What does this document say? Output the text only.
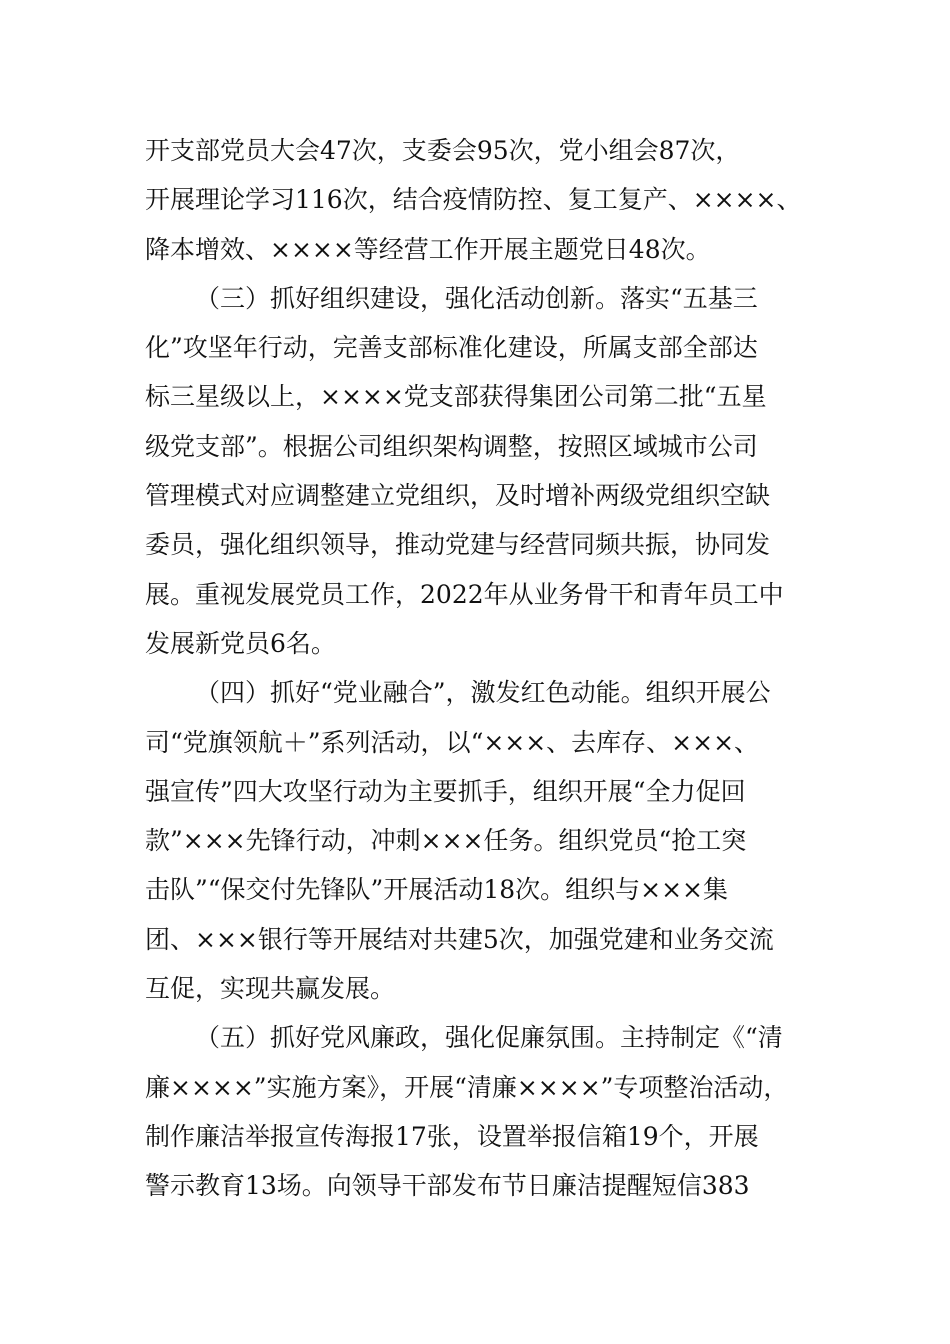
开支部党员大会47次，支委会95次，党小组会87次，
开展理论学习116次，结合疫情防控、复工复产、××××、
降本增效、××××等经营工作开展主题党日48次。
（三）抓好组织建设，强化活动创新。落实“五基三
化”攻坚年行动，完善支部标准化建设，所属支部全部达
标三星级以上，××××党支部获得集团公司第二批“五星
级党支部”。根据公司组织架构调整，按照区域城市公司
管理模式对应调整建立党组织，及时增补两级党组织空缺
委员，强化组织领导，推动党建与经营同频共振，协同发
展。重视发展党员工作，2022年从业务骨干和青年员工中
发展新党员6名。
（四）抓好“党业融合”，激发红色动能。组织开展公
司“党旗领航＋”系列活动，以“×××、去库存、×××、
强宣传”四大攻坚行动为主要抓手，组织开展“全力促回
款”×××先锋行动，冲刺×××任务。组织党员“抢工突
击队”“保交付先锋队”开展活动18次。组织与×××集
团、×××银行等开展结对共建5次，加强党建和业务交流
互促，实现共赢发展。
（五）抓好党风廉政，强化促廉氛围。主持制定《“清
廉××××”实施方案》，开展“清廉××××”专项整治活动，
制作廉洁举报宣传海报17张，设置举报信箱19个，开展
警示教育13场。向领导干部发布节日廉洁提醒短信383
